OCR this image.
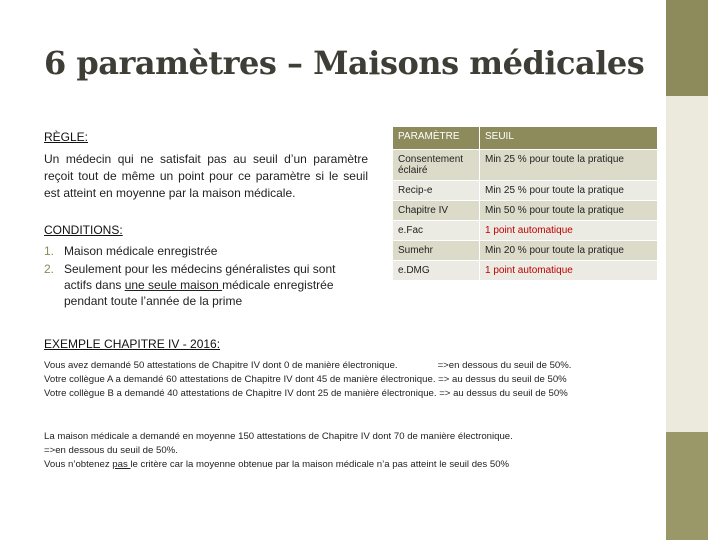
6 paramètres – Maisons médicales
RÈGLE:
Un médecin qui ne satisfait pas au seuil d’un paramètre reçoit tout de même un point pour ce paramètre si le seuil est atteint en moyenne par la maison médicale.
CONDITIONS:
1. Maison médicale enregistrée
2. Seulement pour les médecins généralistes qui sont actifs dans une seule maison médicale enregistrée pendant toute l’année de la prime
PARAMÈTRE	SEUIL
Consentement éclairé	Min 25 % pour toute la pratique
Recip-e	Min 25 % pour toute la pratique
Chapitre IV	Min 50 % pour toute la pratique
e.Fac	1 point automatique
Sumehr	Min 20 % pour toute la pratique
e.DMG	1 point automatique
EXEMPLE CHAPITRE IV - 2016:
Vous avez demandé 50 attestations de Chapitre IV dont 0 de manière électronique.               =>en dessous du seuil de 50%.
Votre collègue A a demandé 60 attestations de Chapitre IV dont 45 de manière électronique. => au dessus du seuil de 50%
Votre collègue B a demandé 40 attestations de Chapitre IV dont 25 de manière électronique. => au dessus du seuil de 50%
La maison médicale a demandé en moyenne 150 attestations de Chapitre IV dont 70 de manière électronique.
=>en dessous du seuil de 50%.
Vous n’obtenez pas le critère car la moyenne obtenue par la maison médicale n’a pas atteint le seuil des 50%
